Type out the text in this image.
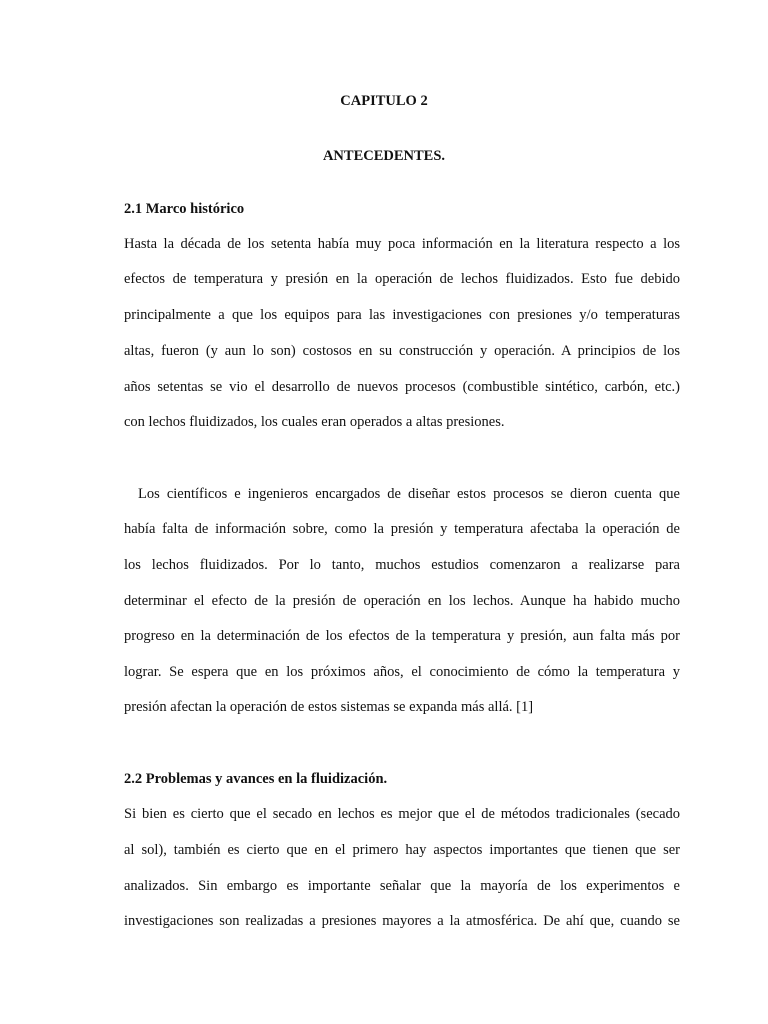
CAPITULO 2
ANTECEDENTES.
2.1 Marco histórico
Hasta la década de los setenta había muy poca información en la literatura respecto a los
efectos de temperatura y presión en la operación de lechos fluidizados. Esto fue debido
principalmente a que los equipos para las investigaciones con presiones y/o temperaturas
altas, fueron (y aun lo son) costosos en su construcción y operación. A principios de los
años setentas se vio el desarrollo de nuevos procesos (combustible sintético, carbón, etc.)
con lechos fluidizados, los cuales eran operados a altas presiones.
Los científicos e ingenieros encargados de diseñar estos procesos se dieron cuenta que
había falta de información sobre, como la presión y temperatura afectaba la operación de
los lechos fluidizados. Por lo tanto, muchos estudios comenzaron a realizarse para
determinar el efecto de la presión de operación en los lechos. Aunque ha habido mucho
progreso en la determinación de los efectos de la temperatura y presión, aun falta más por
lograr. Se espera que en los próximos años, el conocimiento de cómo la temperatura y
presión afectan la operación de estos sistemas se expanda más allá. [1]
2.2 Problemas y avances en la fluidización.
Si bien es cierto que el secado en lechos es mejor que el de métodos tradicionales (secado
al sol), también es cierto que en el primero hay aspectos importantes que tienen que ser
analizados. Sin embargo es importante señalar que la mayoría de los experimentos e
investigaciones son realizadas a presiones mayores a la atmosférica. De ahí que, cuando se
